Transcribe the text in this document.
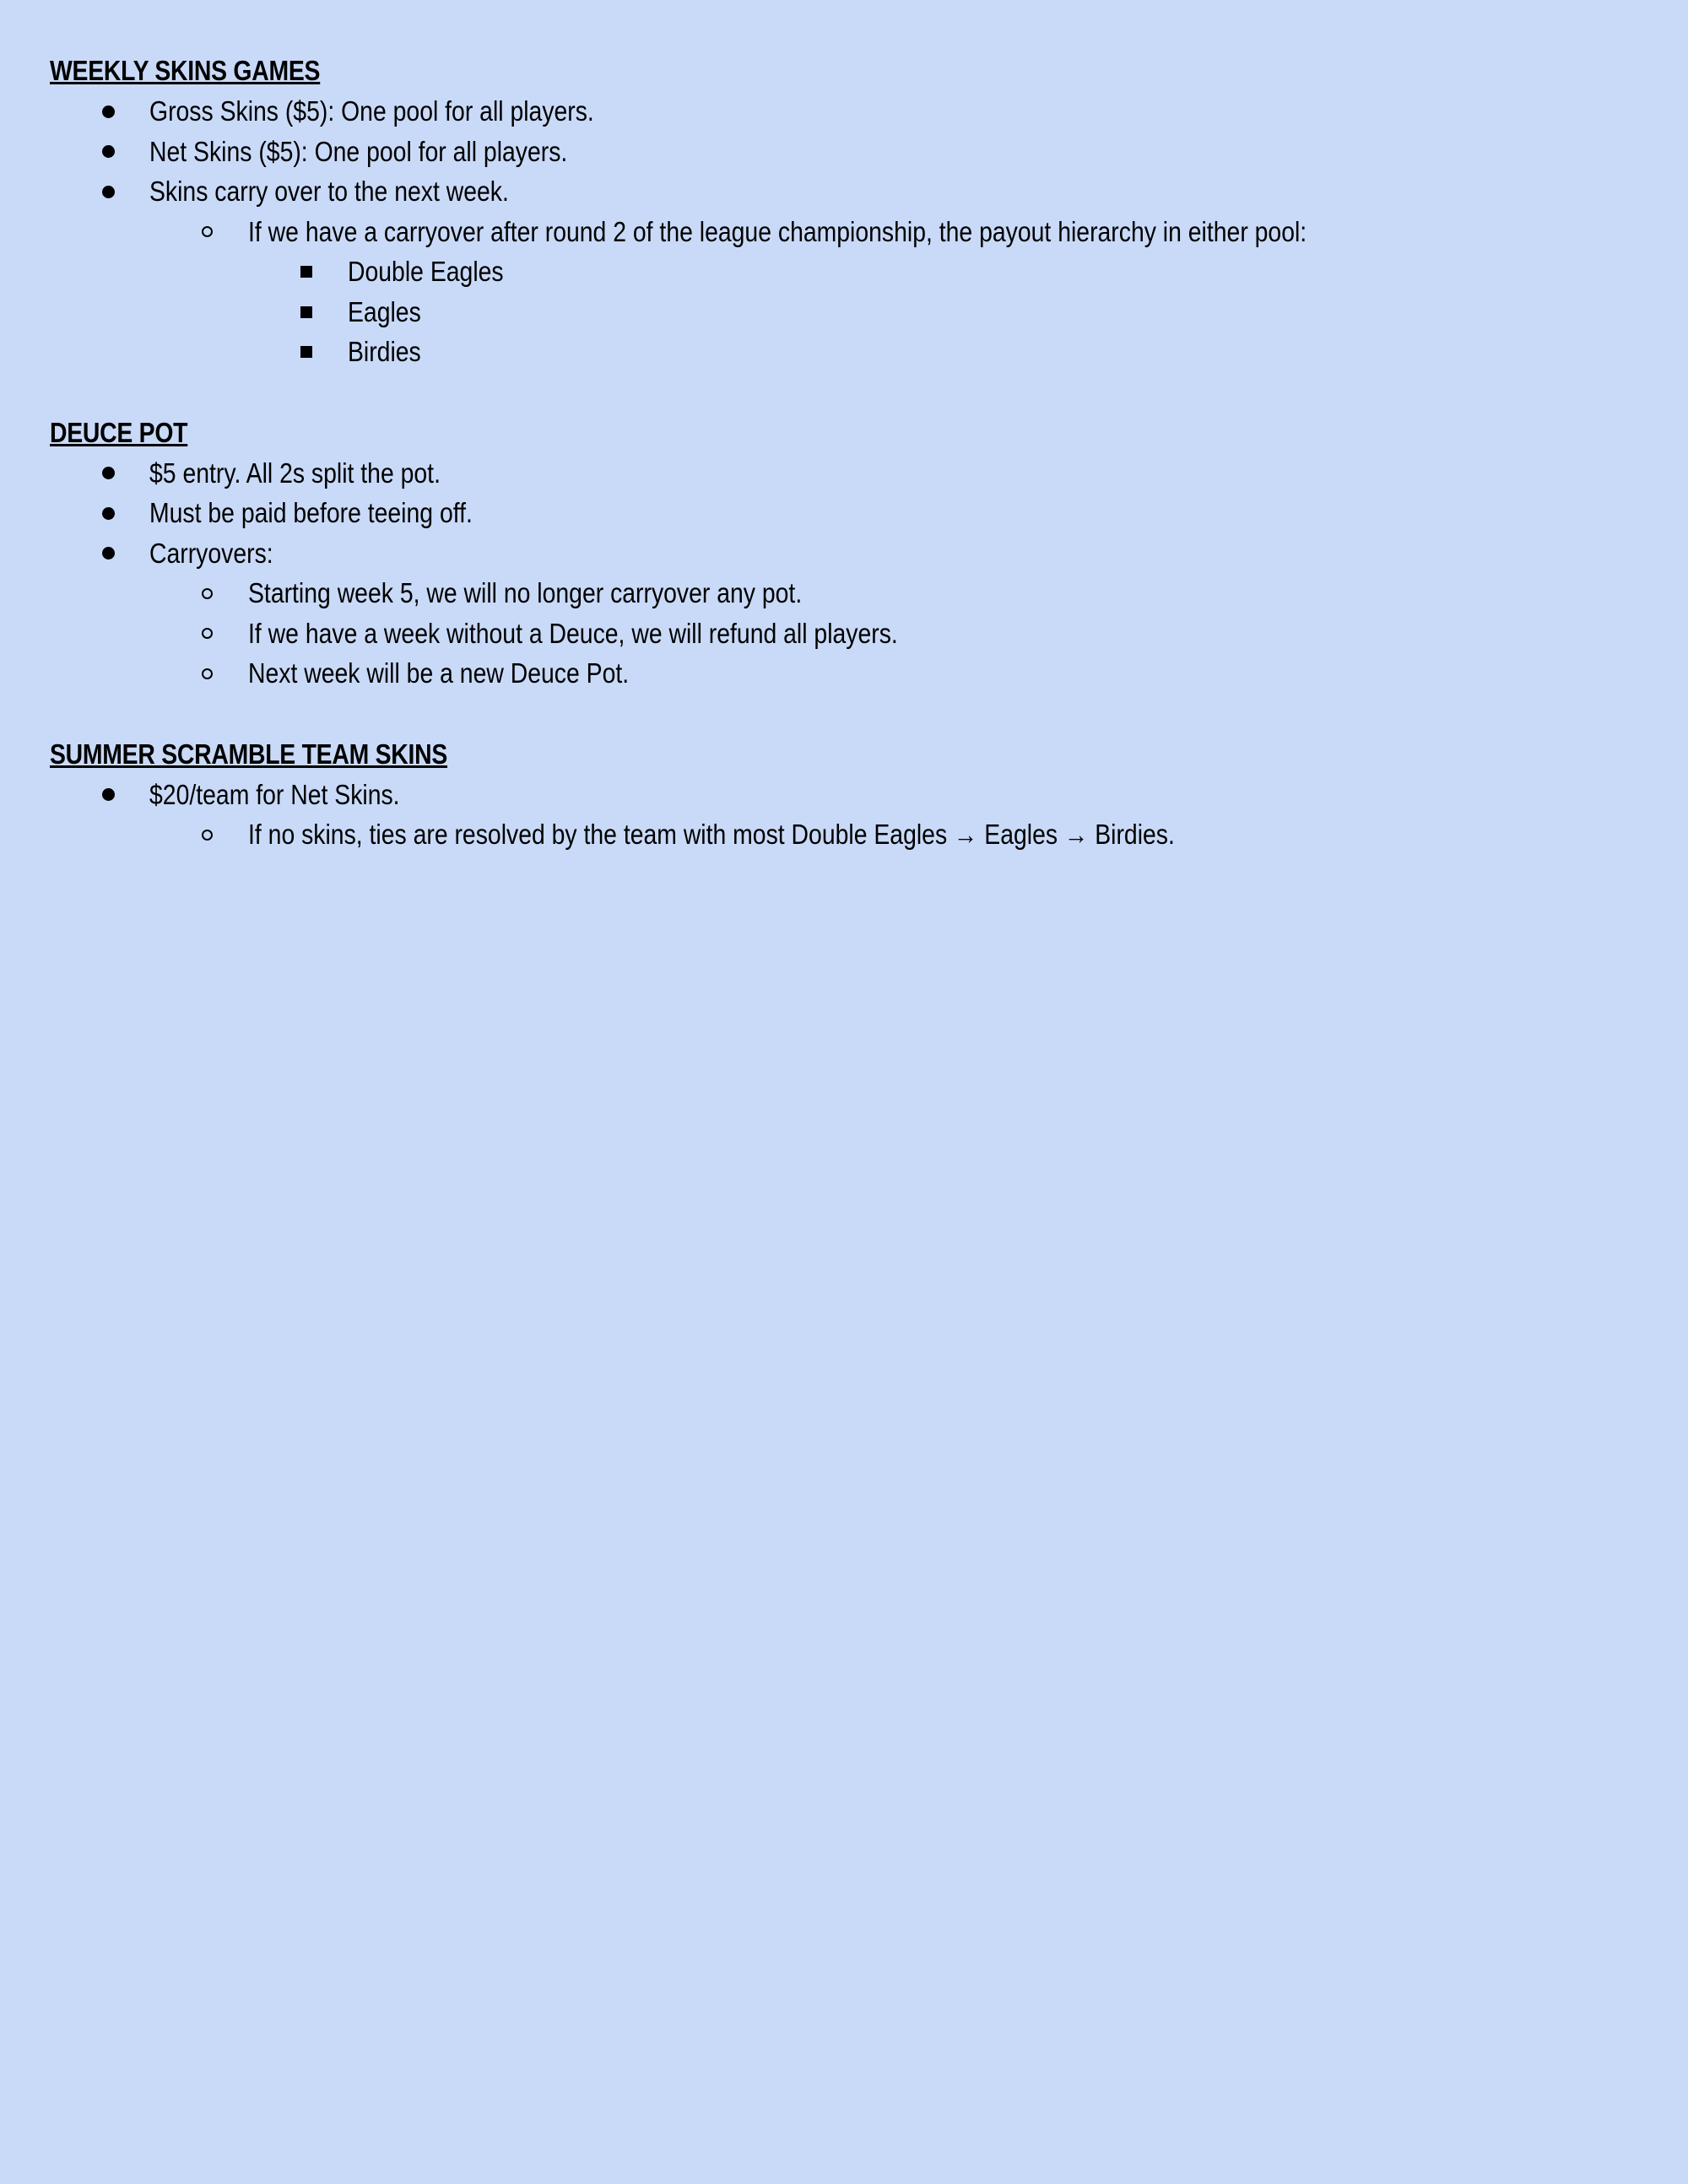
WEEKLY SKINS GAMES
Gross Skins ($5): One pool for all players.
Net Skins ($5): One pool for all players.
Skins carry over to the next week.
If we have a carryover after round 2 of the league championship, the payout hierarchy in either pool:
Double Eagles
Eagles
Birdies
DEUCE POT
$5 entry. All 2s split the pot.
Must be paid before teeing off.
Carryovers:
Starting week 5, we will no longer carryover any pot.
If we have a week without a Deuce, we will refund all players.
Next week will be a new Deuce Pot.
SUMMER SCRAMBLE TEAM SKINS
$20/team for Net Skins.
If no skins, ties are resolved by the team with most Double Eagles → Eagles → Birdies.
